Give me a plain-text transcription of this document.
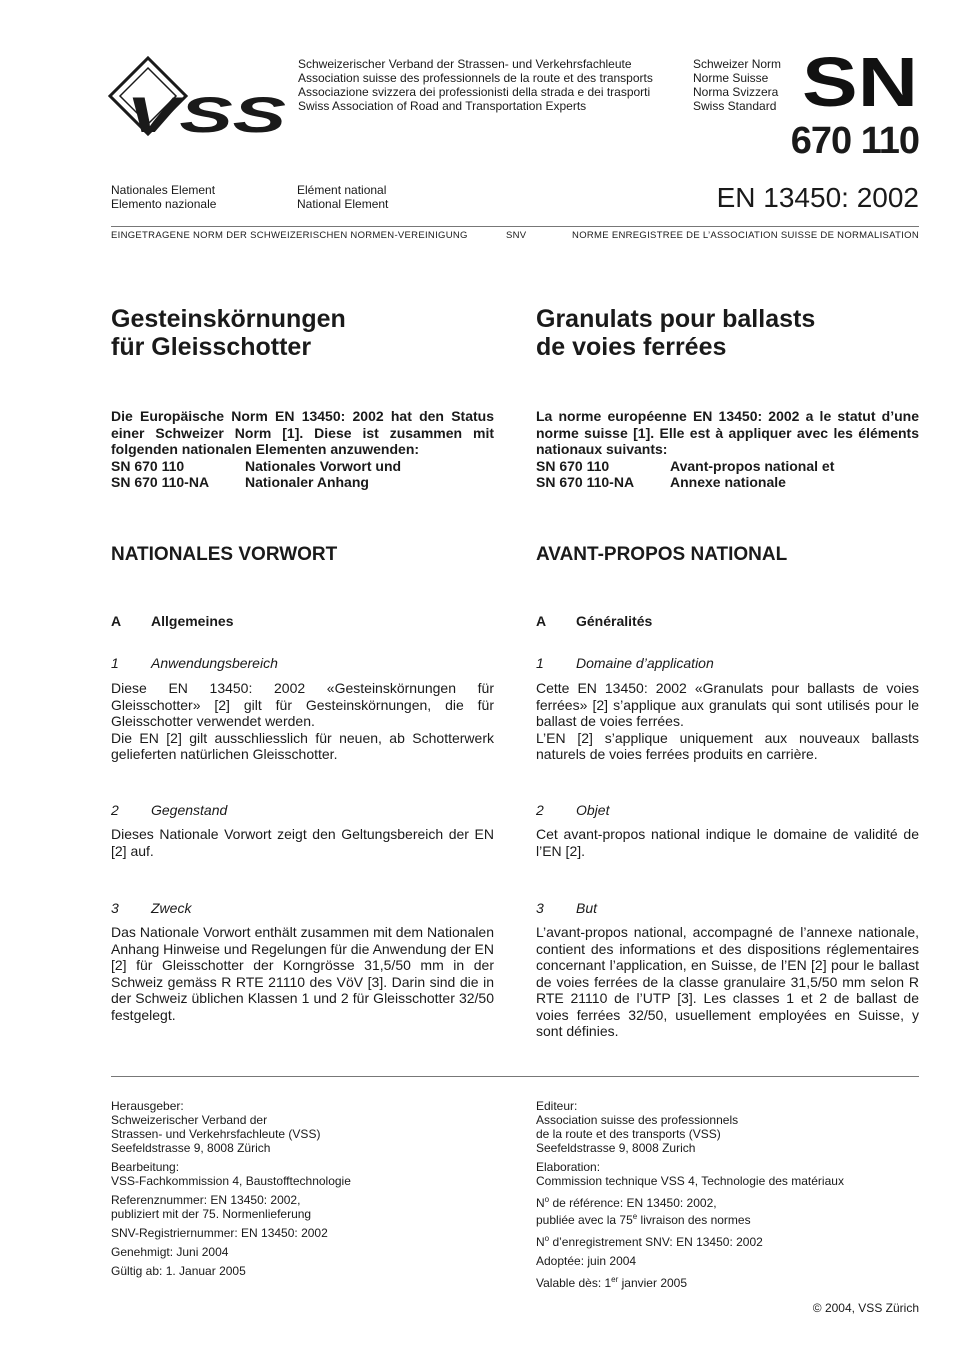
VSS
Schweizerischer Verband der Strassen- und Verkehrsfachleute
Association suisse des professionnels de la route et des transports
Associazione svizzera dei professionisti della strada e dei trasporti
Swiss Association of Road and Transportation Experts
Schweizer Norm
Norme Suisse
Norma Svizzera
Swiss Standard SN
670 110
EN 13450: 2002
Nationales Element
Elemento nazionale
Elément national
National Element
EINGETRAGENE NORM DER SCHWEIZERISCHEN NORMEN-VEREINIGUNG	SNV	NORME ENREGISTREE DE L’ASSOCIATION SUISSE DE NORMALISATION
Gesteinskörnungen
für Gleisschotter
Die Europäische Norm EN 13450: 2002 hat den Status einer Schweizer Norm [1]. Diese ist zusammen mit folgenden nationalen Elementen anzuwenden:
SN 670 110	Nationales Vorwort und
SN 670 110-NA	Nationaler Anhang
NATIONALES VORWORT
A	Allgemeines
1	Anwendungsbereich
Diese EN 13450: 2002 «Gesteinskörnungen für Gleisschotter» [2] gilt für Gesteinskörnungen, die für Gleisschotter verwendet werden.
Die EN [2] gilt ausschliesslich für neuen, ab Schotterwerk gelieferten natürlichen Gleisschotter.
2	Gegenstand
Dieses Nationale Vorwort zeigt den Geltungsbereich der EN [2] auf.
3	Zweck
Das Nationale Vorwort enthält zusammen mit dem Nationalen Anhang Hinweise und Regelungen für die Anwendung der EN [2] für Gleisschotter der Korngrösse 31,5/50 mm in der Schweiz gemäss R RTE 21110 des VöV [3]. Darin sind die in der Schweiz üblichen Klassen 1 und 2 für Gleisschotter 32/50 festgelegt.
Granulats pour ballasts
de voies ferrées
La norme européenne EN 13450: 2002 a le statut d’une norme suisse [1]. Elle est à appliquer avec les éléments nationaux suivants:
SN 670 110	Avant-propos national et
SN 670 110-NA	Annexe nationale
AVANT-PROPOS NATIONAL
A	Généralités
1	Domaine d’application
Cette EN 13450: 2002 «Granulats pour ballasts de voies ferrées» [2] s’applique aux granulats qui sont utilisés pour le ballast de voies ferrées.
L’EN [2] s’applique uniquement aux nouveaux ballasts naturels de voies ferrées produits en carrière.
2	Objet
Cet avant-propos national indique le domaine de validité de l’EN [2].
3	But
L’avant-propos national, accompagné de l’annexe nationale, contient des informations et des dispositions réglementaires concernant l’application, en Suisse, de l’EN [2] pour le ballast de voies ferrées de la classe granulaire 31,5/50 mm selon R RTE 21110 de l’UTP [3]. Les classes 1 et 2 de ballast de voies ferrées 32/50, usuellement employées en Suisse, y sont définies.

Herausgeber:

Schweizerischer Verband der

Strassen- und Verkehrsfachleute (VSS)

Seefeldstrasse 9, 8008 Zürich

Bearbeitung:

VSS-Fachkommission 4, Baustofftechnologie

Referenznummer: EN 13450: 2002,

publiziert mit der 75. Normenlieferung

SNV-Registriernummer: EN 13450: 2002

Genehmigt: Juni 2004

Gültig ab: 1. Januar 2005

Editeur:

Association suisse des professionnels

de la route et des transports (VSS)

Seefeldstrasse 9, 8008 Zurich

Elaboration:

Commission technique VSS 4, Technologie des matériaux

$N^o$ de référence: EN 13450: 2002,

publiée avec la 75e livraison des normes

$N^o$ d’enregistrement SNV: EN 13450: 2002

Adoptée: juin 2004

Valable dès: 1er janvier 2005

© 2004, VSS Zürich
